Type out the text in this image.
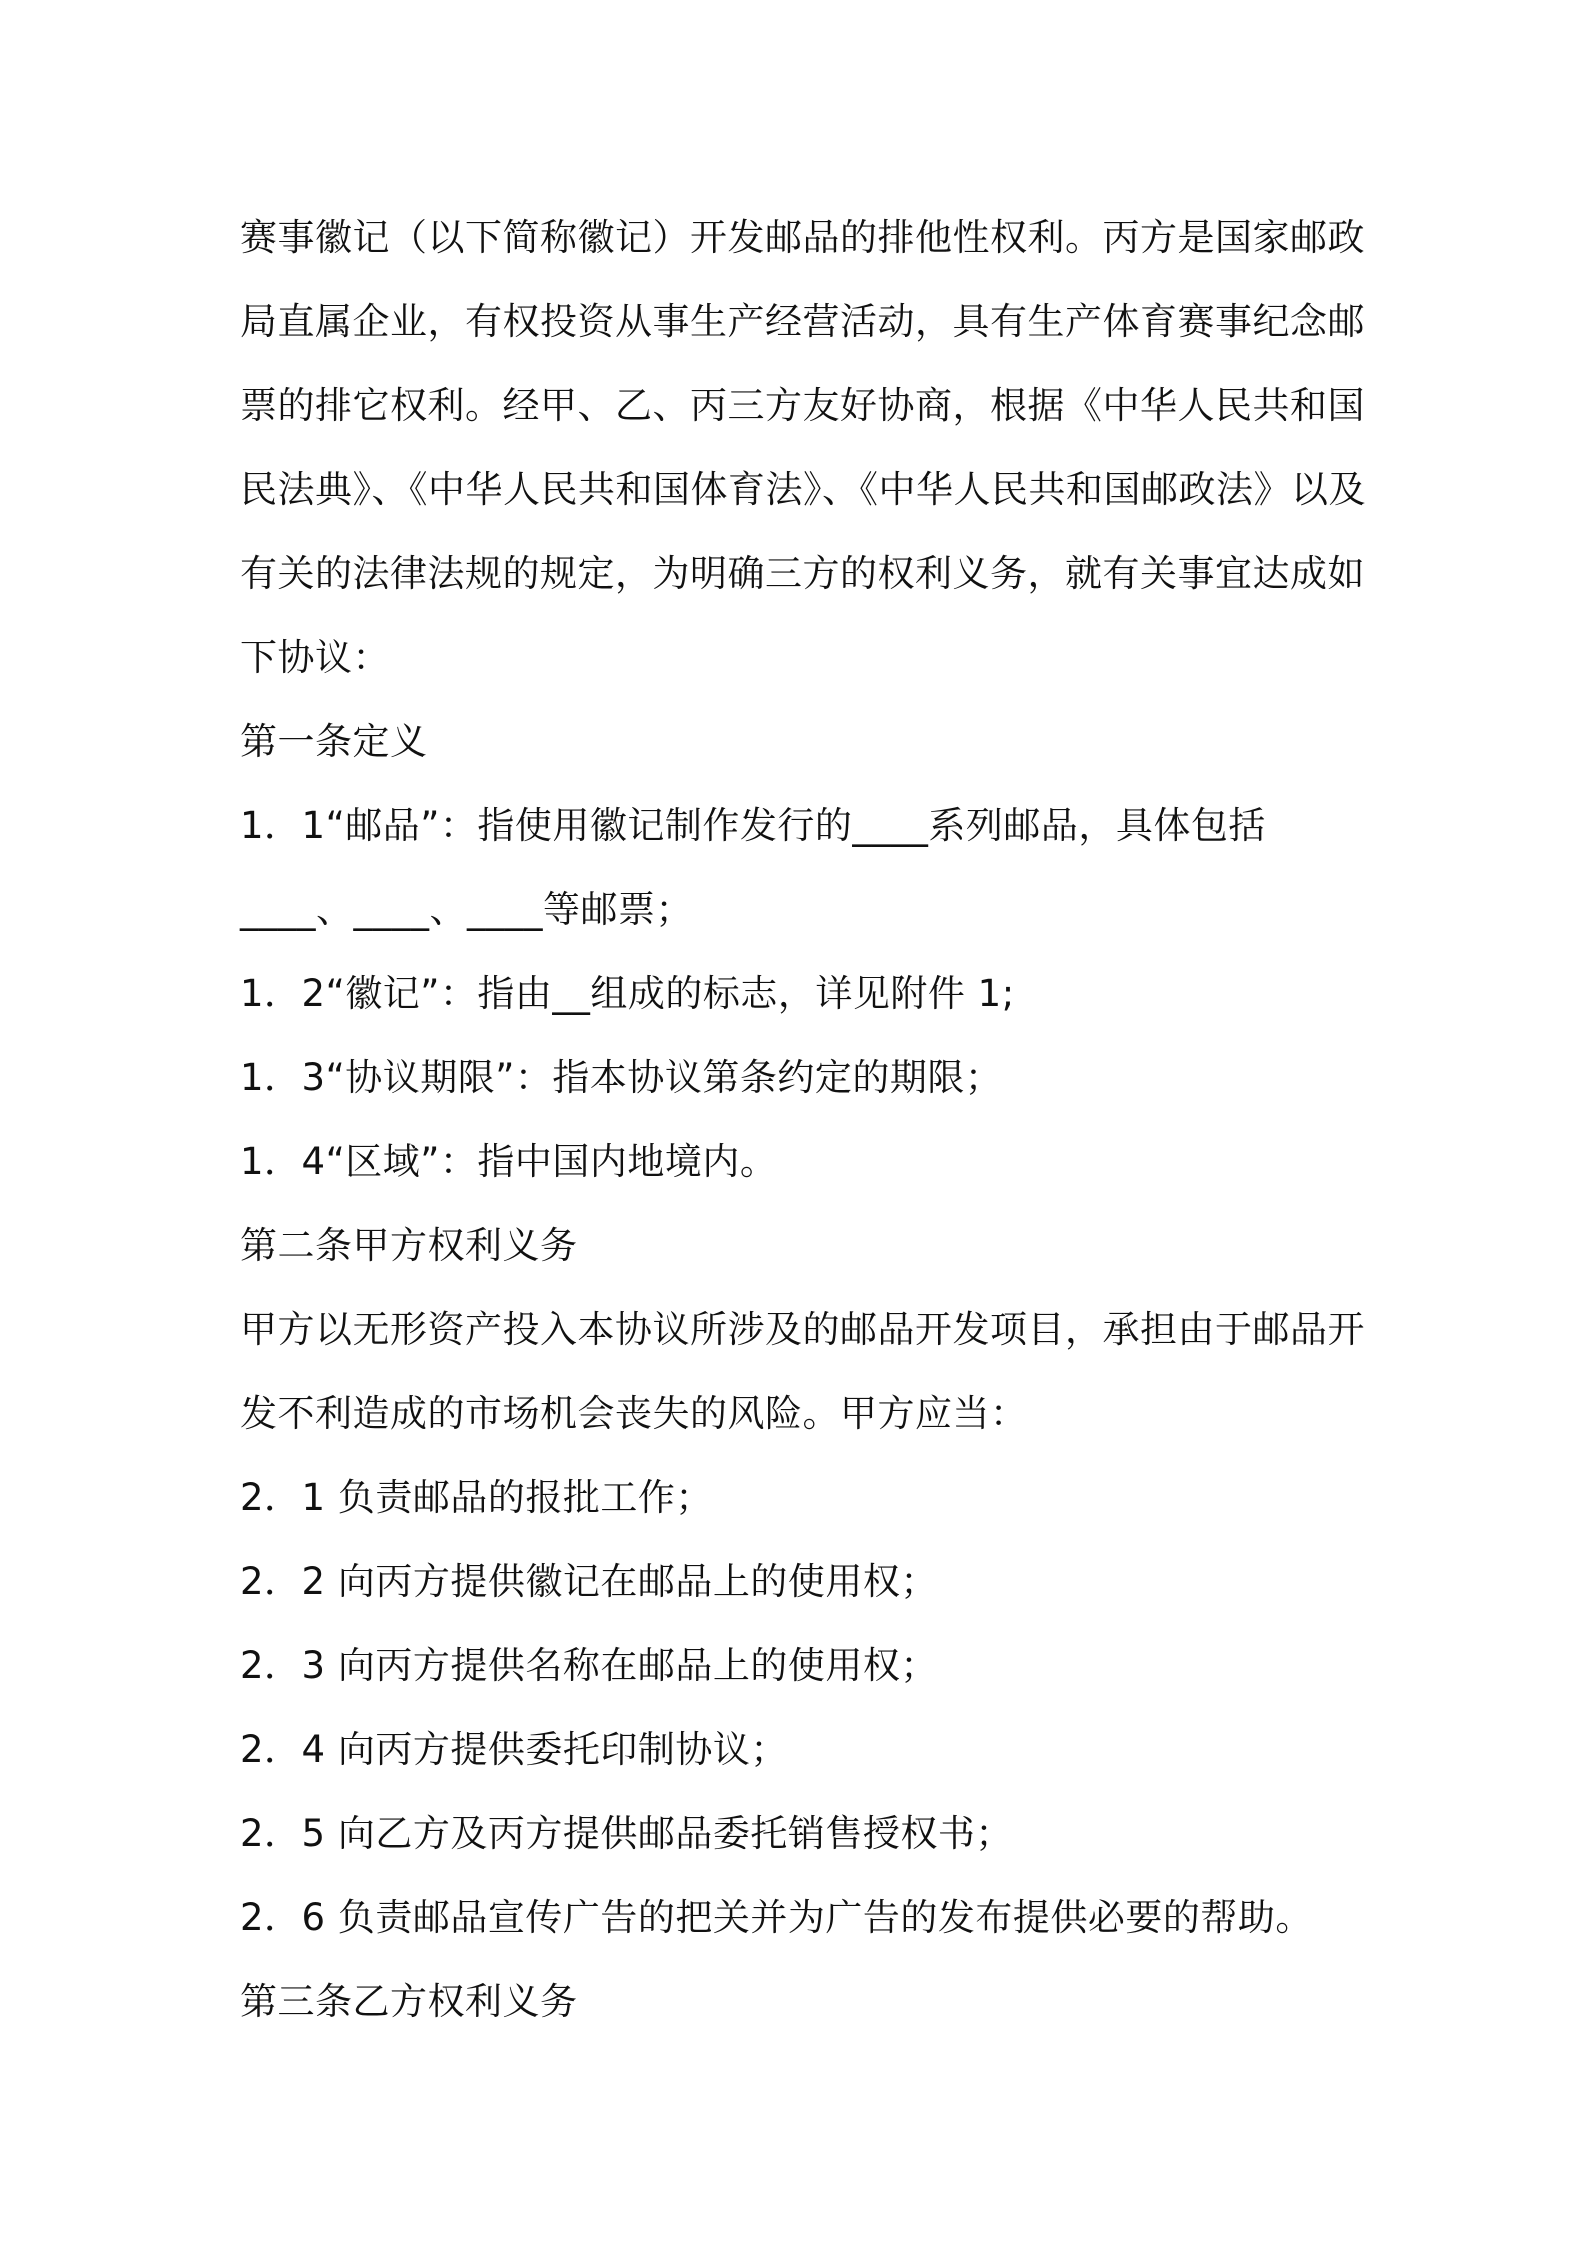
赛事徽记（以下简称徽记）开发邮品的排他性权利。丙方是国家邮政
局直属企业，有权投资从事生产经营活动，具有生产体育赛事纪念邮
票的排它权利。经甲、乙、丙三方友好协商，根据《中华人民共和国
民法典》、《中华人民共和国体育法》、《中华人民共和国邮政法》以及
有关的法律法规的规定，为明确三方的权利义务，就有关事宜达成如
下协议：
第一条定义
1．1“邮品”：指使用徽记制作发行的____系列邮品，具体包括
____、____、____等邮票；
1．2“徽记”：指由__组成的标志，详见附件 1;
1．3“协议期限”：指本协议第条约定的期限；
1．4“区域”：指中国内地境内。
第二条甲方权利义务
甲方以无形资产投入本协议所涉及的邮品开发项目，承担由于邮品开
发不利造成的市场机会丧失的风险。甲方应当：
2．1 负责邮品的报批工作；
2．2 向丙方提供徽记在邮品上的使用权；
2．3 向丙方提供名称在邮品上的使用权；
2．4 向丙方提供委托印制协议；
2．5 向乙方及丙方提供邮品委托销售授权书；
2．6 负责邮品宣传广告的把关并为广告的发布提供必要的帮助。
第三条乙方权利义务
